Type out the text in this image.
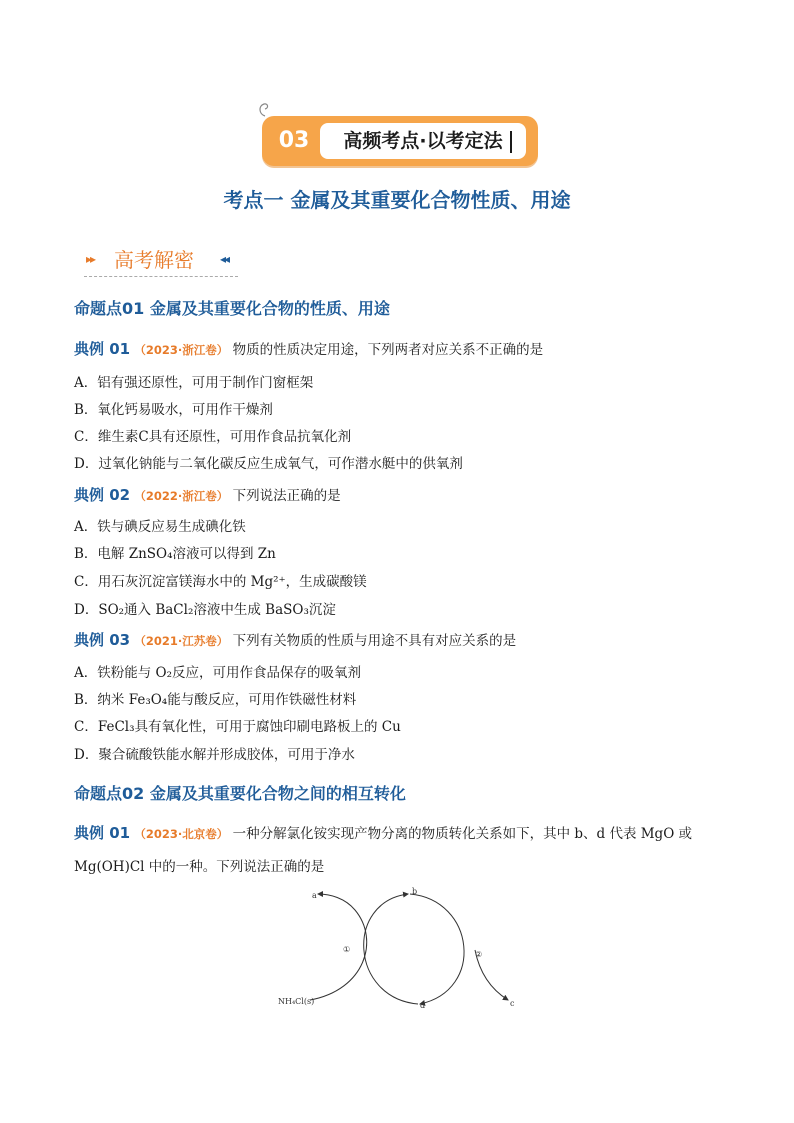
03	高频考点·以考定法
考点一 金属及其重要化合物性质、用途
▸▸ 高考解密 ◂◂
命题点01 金属及其重要化合物的性质、用途
典例 01 （2023·浙江卷） 物质的性质决定用途，下列两者对应关系不正确的是
A．铝有强还原性，可用于制作门窗框架
B．氧化钙易吸水，可用作干燥剂
C．维生素C具有还原性，可用作食品抗氧化剂
D．过氧化钠能与二氧化碳反应生成氧气，可作潜水艇中的供氧剂
典例 02 （2022·浙江卷） 下列说法正确的是
A．铁与碘反应易生成碘化铁
B．电解 ZnSO₄溶液可以得到 Zn
C．用石灰沉淀富镁海水中的 Mg²⁺，生成碳酸镁
D．SO₂通入 BaCl₂溶液中生成 BaSO₃沉淀
典例 03 （2021·江苏卷） 下列有关物质的性质与用途不具有对应关系的是
A．铁粉能与 O₂反应，可用作食品保存的吸氧剂
B．纳米 Fe₃O₄能与酸反应，可用作铁磁性材料
C．FeCl₃具有氧化性，可用于腐蚀印刷电路板上的 Cu
D．聚合硫酸铁能水解并形成胶体，可用于净水
命题点02 金属及其重要化合物之间的相互转化
典例 01 （2023·北京卷） 一种分解氯化铵实现产物分离的物质转化关系如下，其中 b、d 代表 MgO 或
Mg(OH)Cl 中的一种。下列说法正确的是
a	b
d	c
①
②
NH₄Cl(s)
